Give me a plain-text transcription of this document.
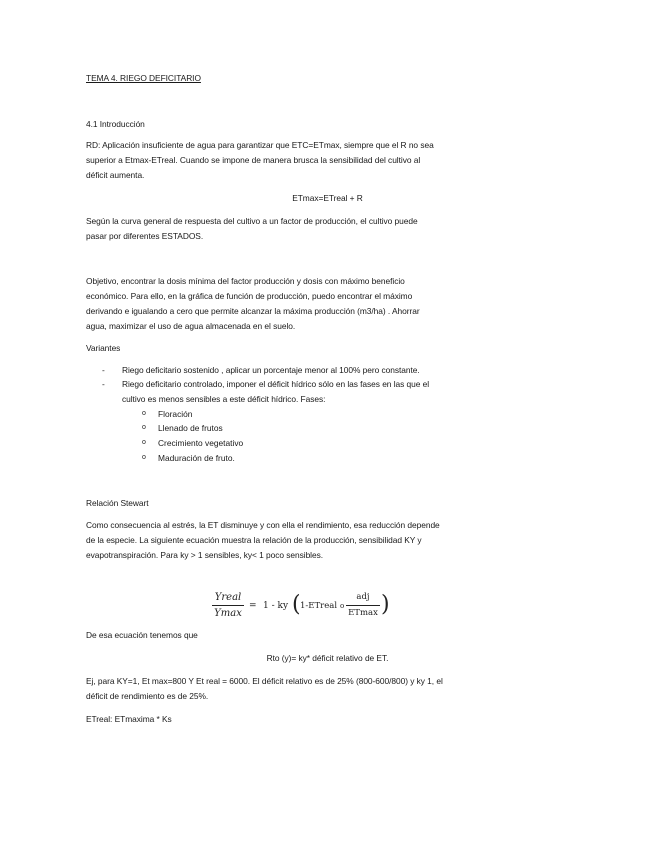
TEMA 4. RIEGO DEFICITARIO
4.1 Introducción
RD: Aplicación insuficiente de agua para garantizar que ETC=ETmax, siempre que el R no sea
superior a Etmax-ETreal. Cuando se impone de manera brusca la sensibilidad del cultivo al
déficit aumenta.
ETmax=ETreal + R
Según la curva general de respuesta del cultivo a un factor de producción, el cultivo puede
pasar por diferentes ESTADOS.
Objetivo, encontrar la dosis mínima del factor producción y dosis con máximo beneficio
económico. Para ello, en la gráfica de función de producción, puedo encontrar el máximo
derivando e igualando a cero que permite alcanzar la máxima producción (m3/ha) . Ahorrar
agua, maximizar el uso de agua almacenada en el suelo.
Variantes
- Riego deficitario sostenido , aplicar un porcentaje menor al 100% pero constante.
- Riego deficitario controlado, imponer el déficit hídrico sólo en las fases en las que el
cultivo es menos sensibles a este déficit hídrico. Fases:
o Floración
o Llenado de frutos
o Crecimiento vegetativo
o Maduración de fruto.
Relación Stewart
Como consecuencia al estrés, la ET disminuye y con ella el rendimiento, esa reducción depende
de la especie. La siguiente ecuación muestra la relación de la producción, sensibilidad KY y
evapotranspiración. Para ky > 1 sensibles, ky< 1 poco sensibles.
Yreal
Ymax
= 1 - ky ( 1-ETreal o
adj
ETmax )
De esa ecuación tenemos que
Rto (y)= ky* déficit relativo de ET.
Ej, para KY=1, Et max=800 Y Et real = 6000. El déficit relativo es de 25% (800-600/800) y ky 1, el
déficit de rendimiento es de 25%.
ETreal: ETmaxima * Ks
